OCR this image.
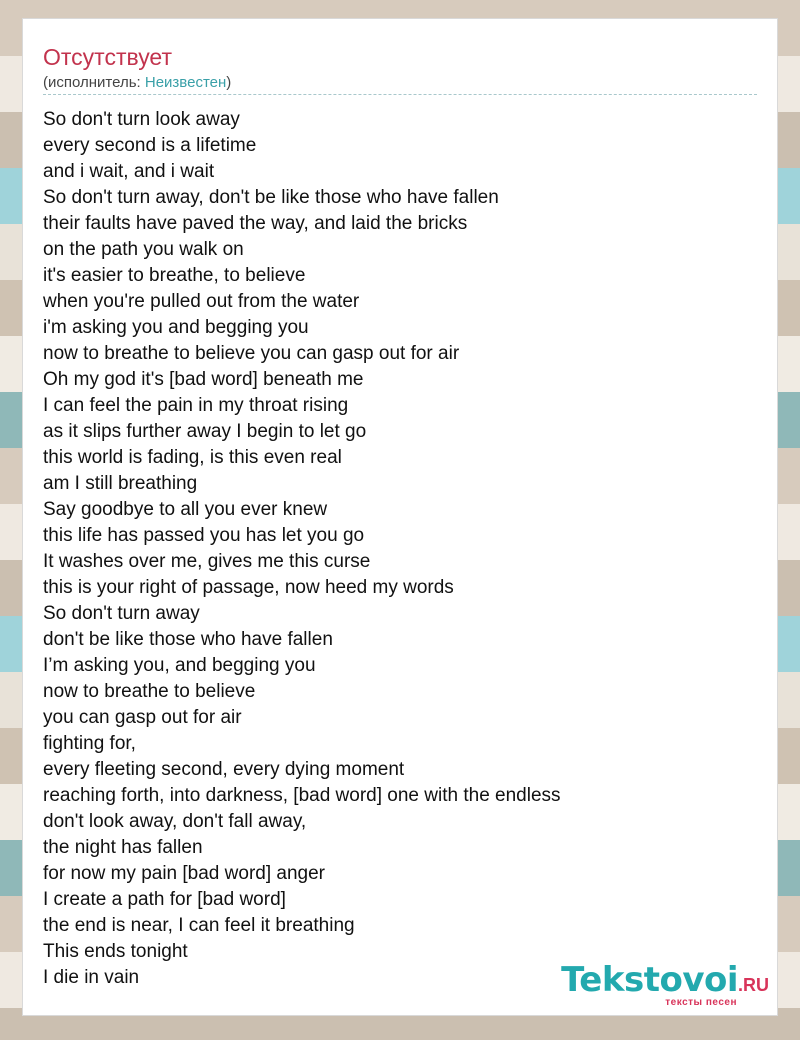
Отсутствует
(исполнитель: Неизвестен)
So don't turn look away
every second is a lifetime
and i wait, and i wait
So don't turn away, don't be like those who have fallen
their faults have paved the way, and laid the bricks
on the path you walk on
it's easier to breathe, to believe
when you're pulled out from the water
i'm asking you and begging you
now to breathe to believe you can gasp out for air
Oh my god it's [bad word] beneath me
I can feel the pain in my throat rising
as it slips further away I begin to let go
this world is fading, is this even real
am I still breathing
Say goodbye to all you ever knew
this life has passed you has let you go
It washes over me, gives me this curse
this is your right of passage, now heed my words
So don't turn away
don't be like those who have fallen
I’m asking you, and begging you
now to breathe to believe
you can gasp out for air
fighting for,
every fleeting second, every dying moment
reaching forth, into darkness, [bad word] one with the endless
don't look away, don't fall away,
the night has fallen
for now my pain [bad word] anger
I create a path for [bad word]
the end is near, I can feel it breathing
This ends tonight
I die in vain	Tekstovoi.RU
тексты песен
